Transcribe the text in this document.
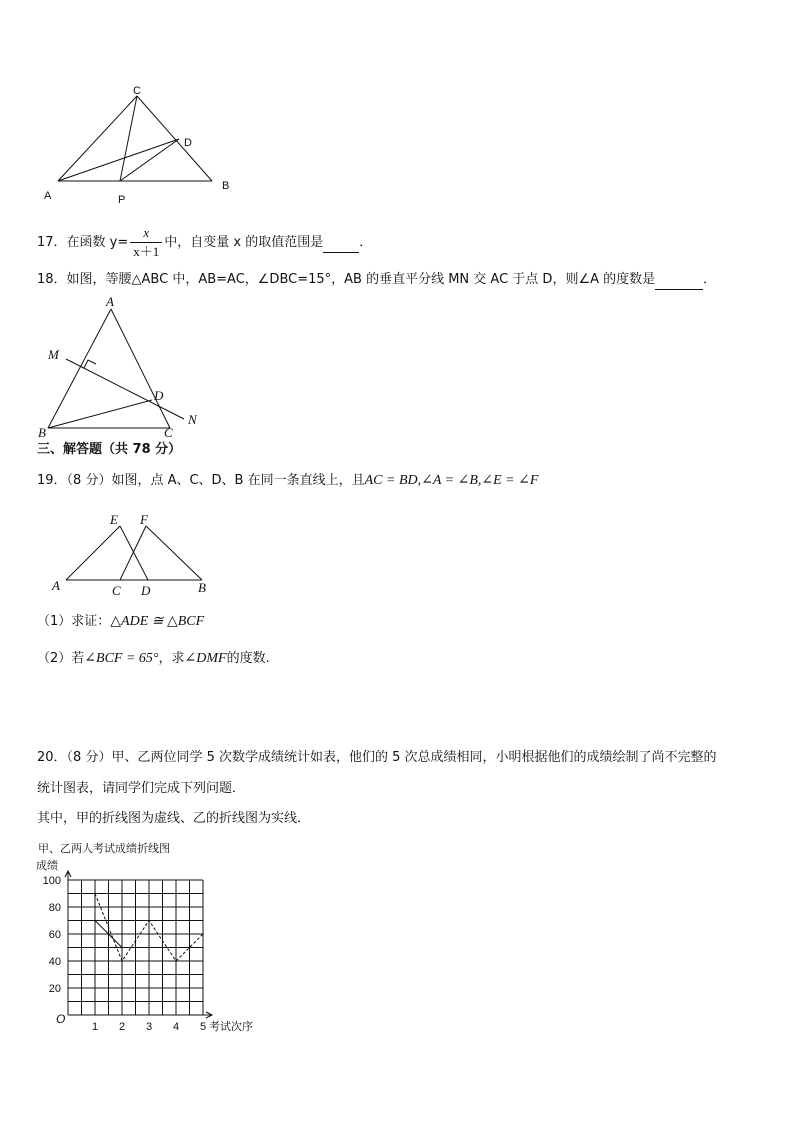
C
D
A	P
B
17．在函数 $y= \frac{x}{x+1}$ 中，自变量 x 的取值范围是	．
18．如图，等腰△ABC 中，AB=AC，∠DBC=15°，AB 的垂直平分线 MN 交 AC 于点 D，则∠A 的度数是	．
A
M
D
N
B	C
三、解答题（共 78 分）
19．（8 分）如图，点 A、C、D、B 在同一条直线上，且AC = BD,∠A = ∠B,∠E = ∠F
E F
A	C D	B
（1）求证：△ADE ≅ △BCF
（2）若∠BCF = 65°，求∠DMF的度数.
20．（8 分）甲、乙两位同学 5 次数学成绩统计如表，他们的 5 次总成绩相同，小明根据他们的成绩绘制了尚不完整的
统计图表，请同学们完成下列问题．
其中，甲的折线图为虚线、乙的折线图为实线．
甲、乙两人考试成绩折线图
成绩
考试次序
O
20
40
60
80
100
1 2 3 4 5
